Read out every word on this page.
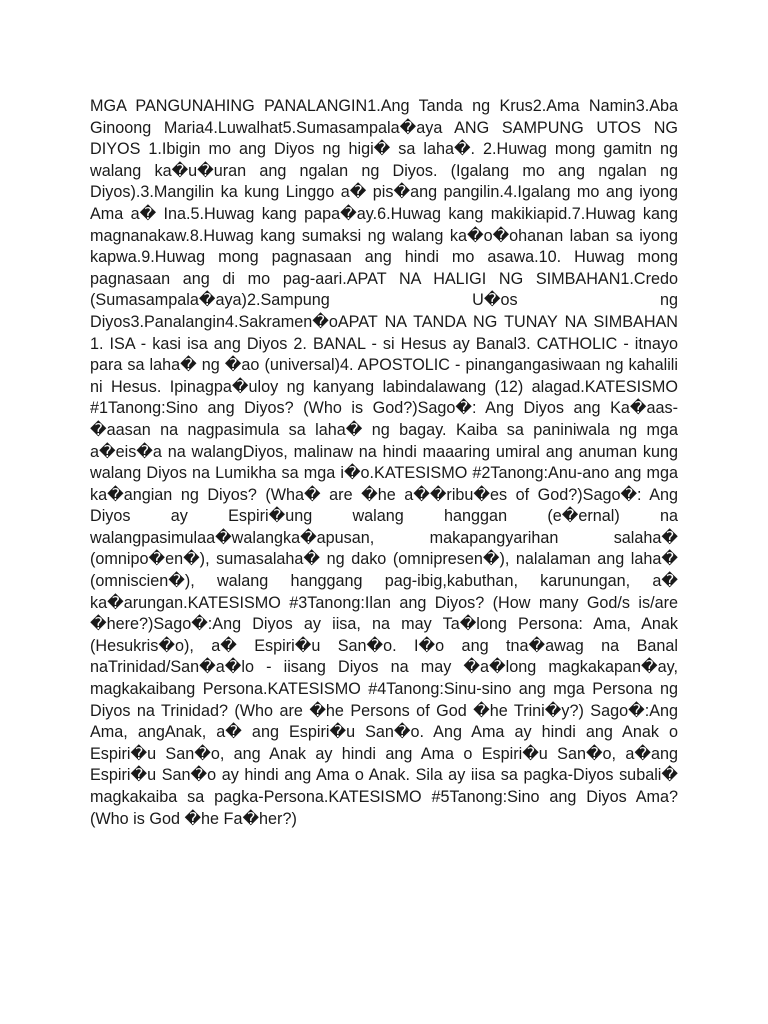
MGA PANGUNAHING PANALANGIN1.Ang Tanda ng Krus2.Ama Namin3.Aba Ginoong Maria4.Luwalhat5.Sumasampala�aya ANG SAMPUNG UTOS NG DIYOS 1.Ibigin mo ang Diyos ng higi� sa laha�. 2.Huwag mong gamitn ng walang ka�u�uran ang ngalan ng Diyos. (Igalang mo ang ngalan ng Diyos).3.Mangilin ka kung Linggo a� pis�ang pangilin.4.Igalang mo ang iyong Ama a� Ina.5.Huwag kang papa�ay.6.Huwag kang makikiapid.7.Huwag kang magnanakaw.8.Huwag kang sumaksi ng walang ka�o�ohanan laban sa iyong kapwa.9.Huwag mong pagnasaan ang hindi mo asawa.10. Huwag mong pagnasaan ang di mo pag-aari.APAT NA HALIGI NG SIMBAHAN1.Credo (Sumasampala�aya)2.Sampung U�os ng Diyos3.Panalangin4.Sakramen�oAPAT NA TANDA NG TUNAY NA SIMBAHAN 1. ISA - kasi isa ang Diyos 2. BANAL - si Hesus ay Banal3. CATHOLIC - itnayo para sa laha� ng �ao (universal)4. APOSTOLIC - pinangangasiwaan ng kahalili ni Hesus. Ipinagpa�uloy ng kanyang labindalawang (12) alagad.KATESISMO #1Tanong:Sino ang Diyos? (Who is God?)Sago�: Ang Diyos ang Ka�aas-�aasan na nagpasimula sa laha� ng bagay. Kaiba sa paniniwala ng mga a�eis�a na walangDiyos, malinaw na hindi maaaring umiral ang anuman kung walang Diyos na Lumikha sa mga i�o.KATESISMO #2Tanong:Anu-ano ang mga ka�angian ng Diyos? (Wha� are �he a��ribu�es of God?)Sago�: Ang Diyos ay Espiri�ung walang hanggan (e�ernal) na walangpasimulaa�walangka�apusan, makapangyarihan salaha� (omnipo�en�), sumasalaha� ng dako (omnipresen�), nalalaman ang laha� (omniscien�), walang hanggang pag-ibig,kabuthan, karunungan, a� ka�arungan.KATESISMO #3Tanong:Ilan ang Diyos? (How many God/s is/are �here?)Sago�:Ang Diyos ay iisa, na may Ta�long Persona: Ama, Anak (Hesukris�o), a� Espiri�u San�o. I�o ang tna�awag na Banal naTrinidad/San�a�lo - iisang Diyos na may �a�long magkakapan�ay, magkakaibang Persona.KATESISMO #4Tanong:Sinu-sino ang mga Persona ng Diyos na Trinidad? (Who are �he Persons of God �he Trini�y?) Sago�:Ang Ama, angAnak, a� ang Espiri�u San�o. Ang Ama ay hindi ang Anak o Espiri�u San�o, ang Anak ay hindi ang Ama o Espiri�u San�o, a�ang Espiri�u San�o ay hindi ang Ama o Anak. Sila ay iisa sa pagka-Diyos subali� magkakaiba sa pagka-Persona.KATESISMO #5Tanong:Sino ang Diyos Ama? (Who is God �he Fa�her?)
